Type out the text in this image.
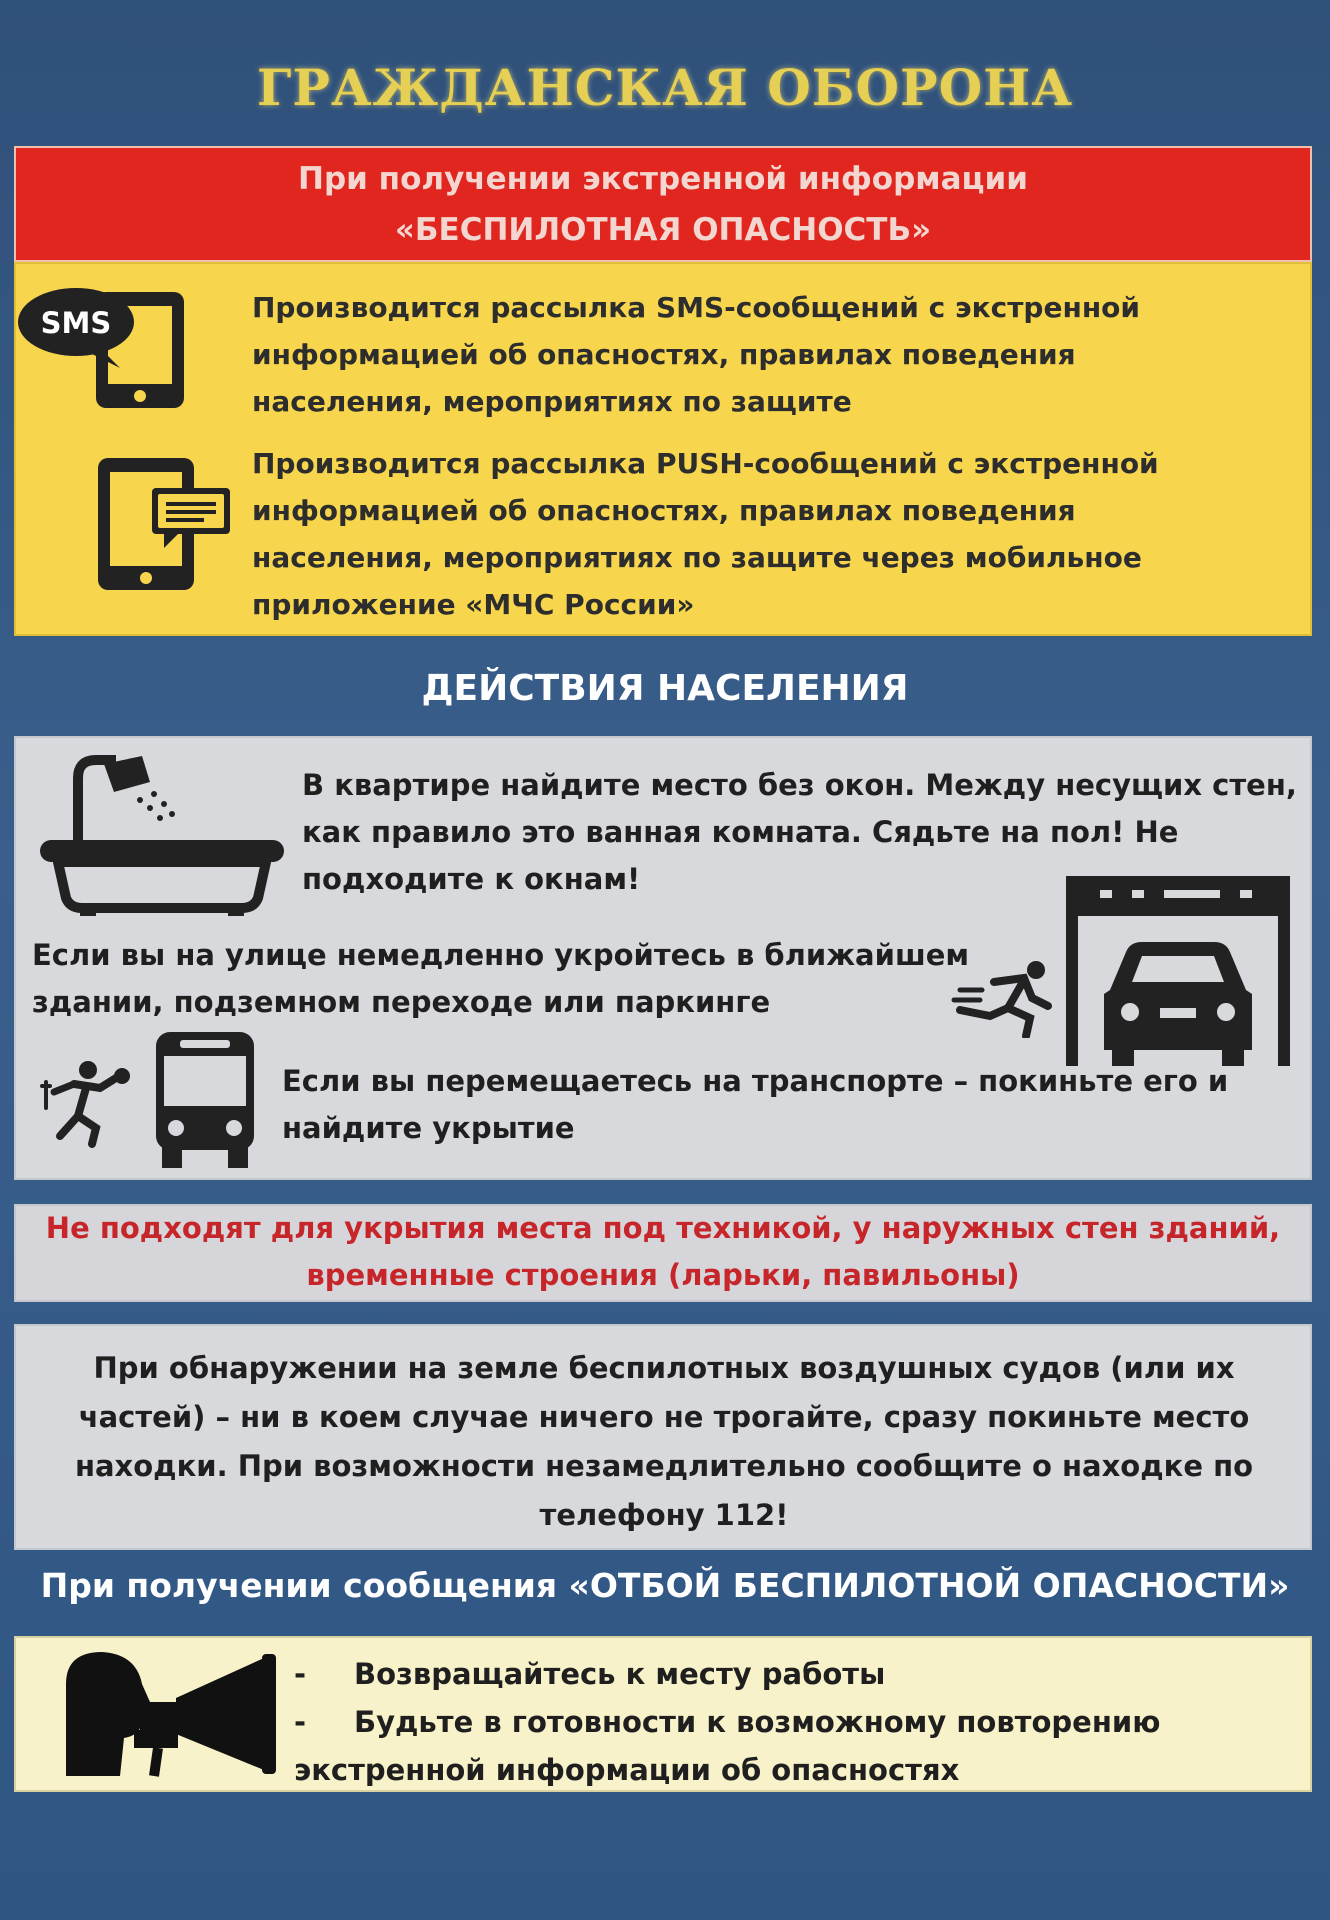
ГРАЖДАНСКАЯ ОБОРОНА
При получении экстренной информации
«БЕСПИЛОТНАЯ ОПАСНОСТЬ»
SMS	Производится рассылка SMS-сообщений с экстренной
информацией об опасностях, правилах поведения
населения, мероприятиях по защите
Производится рассылка PUSH-сообщений с экстренной
информацией об опасностях, правилах поведения
населения, мероприятиях по защите через мобильное
приложение «МЧС России»
ДЕЙСТВИЯ НАСЕЛЕНИЯ
В квартире найдите место без окон. Между несущих стен,
как правило это ванная комната. Сядьте на пол! Не
подходите к окнам!
Если вы на улице немедленно укройтесь в ближайшем
здании, подземном переходе или паркинге
Если вы перемещаетесь на транспорте – покиньте его и
найдите укрытие
Не подходят для укрытия места под техникой, у наружных стен зданий,
временные строения (ларьки, павильоны)
При обнаружении на земле беспилотных воздушных судов (или их
частей) – ни в коем случае ничего не трогайте, сразу покиньте место
находки. При возможности незамедлительно сообщите о находке по
телефону 112!
При получении сообщения «ОТБОЙ БЕСПИЛОТНОЙ ОПАСНОСТИ»
- Возвращайтесь к месту работы
- Будьте в готовности к возможному повторению
экстренной информации об опасностях
